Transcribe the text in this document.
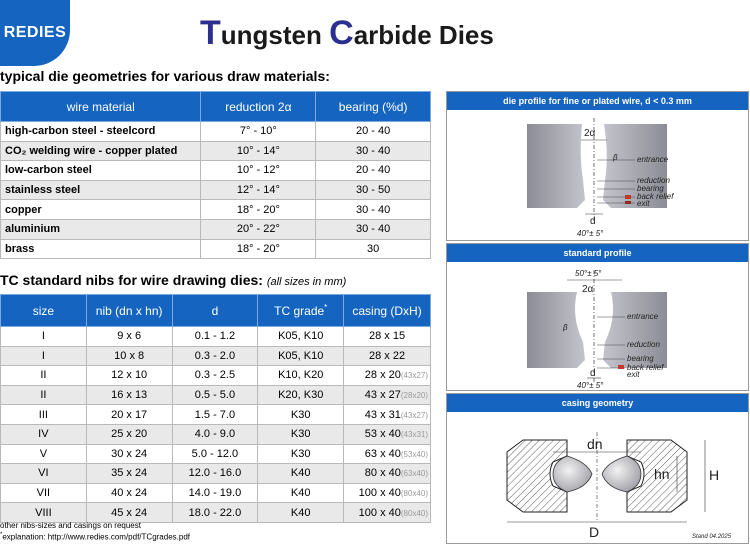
REDIES	Tungsten Carbide Dies
typical die geometries for various draw materials:
wire material	reduction 2α	bearing (%d)
high-carbon steel - steelcord	7° - 10°	20 - 40
CO₂ welding wire - copper plated	10° - 14°	30 - 40
low-carbon steel	10° - 12°	20 - 40
stainless steel	12° - 14°	30 - 50
copper	18° - 20°	30 - 40
aluminium	20° - 22°	30 - 40
brass	18° - 20°	30
TC standard nibs for wire drawing dies: (all sizes in mm)
size	nib (dn x hn)	d	TC grade*	casing (DxH)
I	9 x 6	0.1 - 1.2	K05, K10	28 x 15
I	10 x 8	0.3 - 2.0	K05, K10	28 x 22
II	12 x 10	0.3 - 2.5	K10, K20	28 x 20(43x27)
II	16 x 13	0.5 - 5.0	K20, K30	43 x 27(28x20)
III	20 x 17	1.5 - 7.0	K30	43 x 31(43x27)
IV	25 x 20	4.0 - 9.0	K30	53 x 40(43x31)
V	30 x 24	5.0 - 12.0	K30	63 x 40(53x40)
VI	35 x 24	12.0 - 16.0	K40	80 x 40(63x40)
VII	40 x 24	14.0 - 19.0	K40	100 x 40(80x40)
VIII	45 x 24	18.0 - 22.0	K40	100 x 40(80x40)
other nibs-sizes and casings on request
*explanation: http://www.redies.com/pdf/TCgrades.pdf
die profile for fine or plated wire, d < 0.3 mm
2α
β entrance
reduction
bearing
back relief
exit
d
40°± 5°
standard profile
50°± 5°
2α
β
entrance
reduction
bearing
back relief
exit
d
40°± 5°
casing geometry
dn
hn	H
D	Stand 04.2025
